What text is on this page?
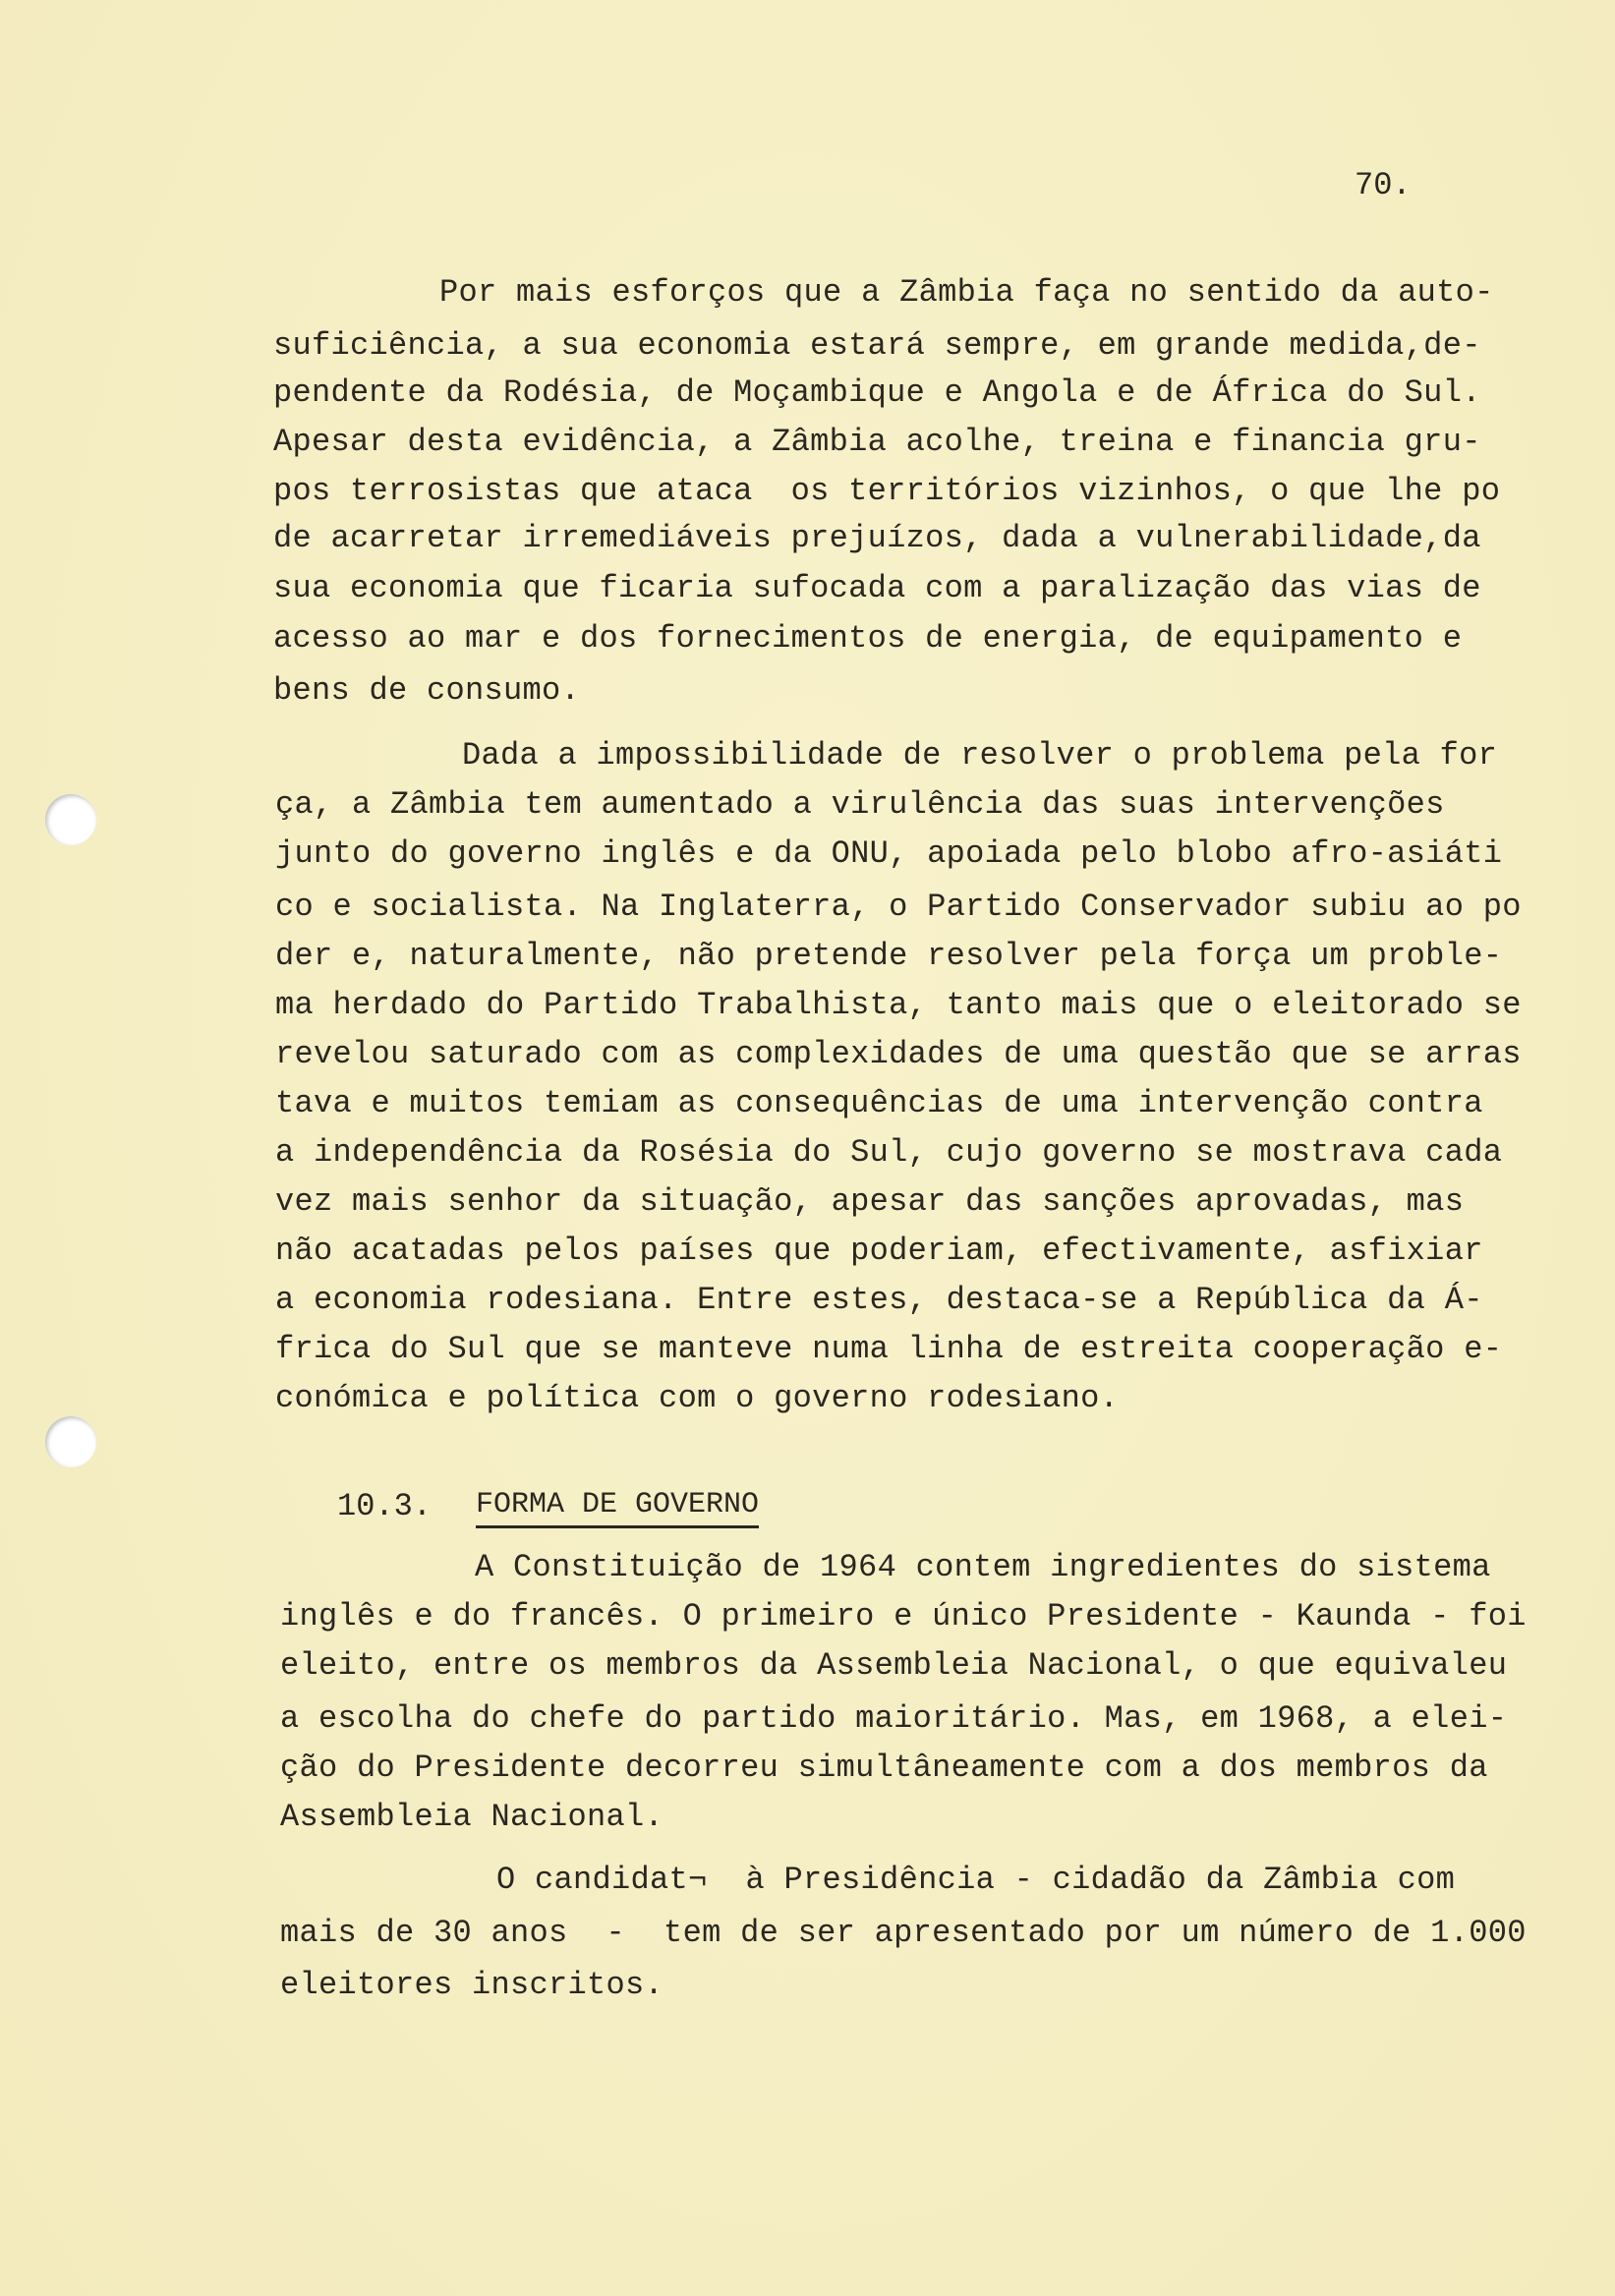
70.
Por mais esforços que a Zâmbia faça no sentido da auto-
suficiência, a sua economia estará sempre, em grande medida,de-
pendente da Rodésia, de Moçambique e Angola e de África do Sul.
Apesar desta evidência, a Zâmbia acolhe, treina e financia gru-
pos terrosistas que ataca  os territórios vizinhos, o que lhe po
de acarretar irremediáveis prejuízos, dada a vulnerabilidade,da
sua economia que ficaria sufocada com a paralização das vias de
acesso ao mar e dos fornecimentos de energia, de equipamento e
bens de consumo.
Dada a impossibilidade de resolver o problema pela for
ça, a Zâmbia tem aumentado a virulência das suas intervenções
junto do governo inglês e da ONU, apoiada pelo blobo afro-asiáti
co e socialista. Na Inglaterra, o Partido Conservador subiu ao po
der e, naturalmente, não pretende resolver pela força um proble-
ma herdado do Partido Trabalhista, tanto mais que o eleitorado se
revelou saturado com as complexidades de uma questão que se arras
tava e muitos temiam as consequências de uma intervenção contra
a independência da Rosésia do Sul, cujo governo se mostrava cada
vez mais senhor da situação, apesar das sanções aprovadas, mas
não acatadas pelos países que poderiam, efectivamente, asfixiar
a economia rodesiana. Entre estes, destaca-se a República da Á-
frica do Sul que se manteve numa linha de estreita cooperação e-
conómica e política com o governo rodesiano.
A Constituição de 1964 contem ingredientes do sistema
inglês e do francês. O primeiro e único Presidente - Kaunda - foi
eleito, entre os membros da Assembleia Nacional, o que equivaleu
a escolha do chefe do partido maioritário. Mas, em 1968, a elei-
ção do Presidente decorreu simultâneamente com a dos membros da
Assembleia Nacional.
O candidat¬  à Presidência - cidadão da Zâmbia com
mais de 30 anos  -  tem de ser apresentado por um número de 1.000
eleitores inscritos.
10.3. FORMA DE GOVERNO
